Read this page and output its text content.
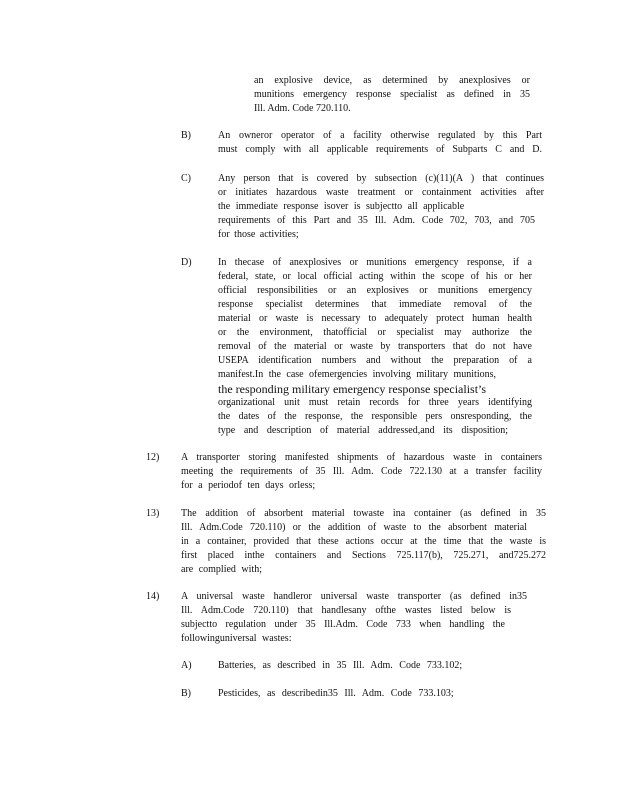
an explosive device, as determined by anexplosives or
munitions emergency response specialist as defined in 35
Ill. Adm. Code 720.110.
B)	An owneror operator of a facility otherwise regulated by this Part
must comply with all applicable requirements of Subparts C and D.
C)	Any person that is covered by subsection (c)(11)(A ) that continues
or initiates hazardous waste treatment or containment activities after
the immediate response isover is subjectto all applicable
requirements of this Part and 35 Ill. Adm. Code 702, 703, and 705
for those activities;
D)	In thecase of anexplosives or munitions emergency response, if a
federal, state, or local official acting within the scope of his or her
official responsibilities or an explosives or munitions emergency
response specialist determines that immediate removal of the
material or waste is necessary to adequately protect human health
or the environment, thatofficial or specialist may authorize the
removal of the material or waste by transporters that do not have
USEPA identification numbers and without the preparation of a
manifest.In the case ofemergencies involving military munitions,
the responding military emergency response specialist’s
organizational unit must retain records for three years identifying
the dates of the response, the responsible pers onsresponding, the
type and description of material addressed,and its disposition;
12) A transporter storing manifested shipments of hazardous waste in containers
meeting the requirements of 35 Ill. Adm. Code 722.130 at a transfer facility
for a periodof ten days orless;
13) The addition of absorbent material towaste ina container (as defined in 35
Ill. Adm.Code 720.110) or the addition of waste to the absorbent material
in a container, provided that these actions occur at the time that the waste is
first placed inthe containers and Sections 725.117(b), 725.271, and725.272
are complied with;
14) A universal waste handleror universal waste transporter (as defined in35
Ill. Adm.Code 720.110) that handlesany ofthe wastes listed below is
subjectto regulation under 35 Ill.Adm. Code 733 when handling the
followinguniversal wastes:
A)	Batteries, as described in 35 Ill. Adm. Code 733.102;
B)	Pesticides, as describedin35 Ill. Adm. Code 733.103;
